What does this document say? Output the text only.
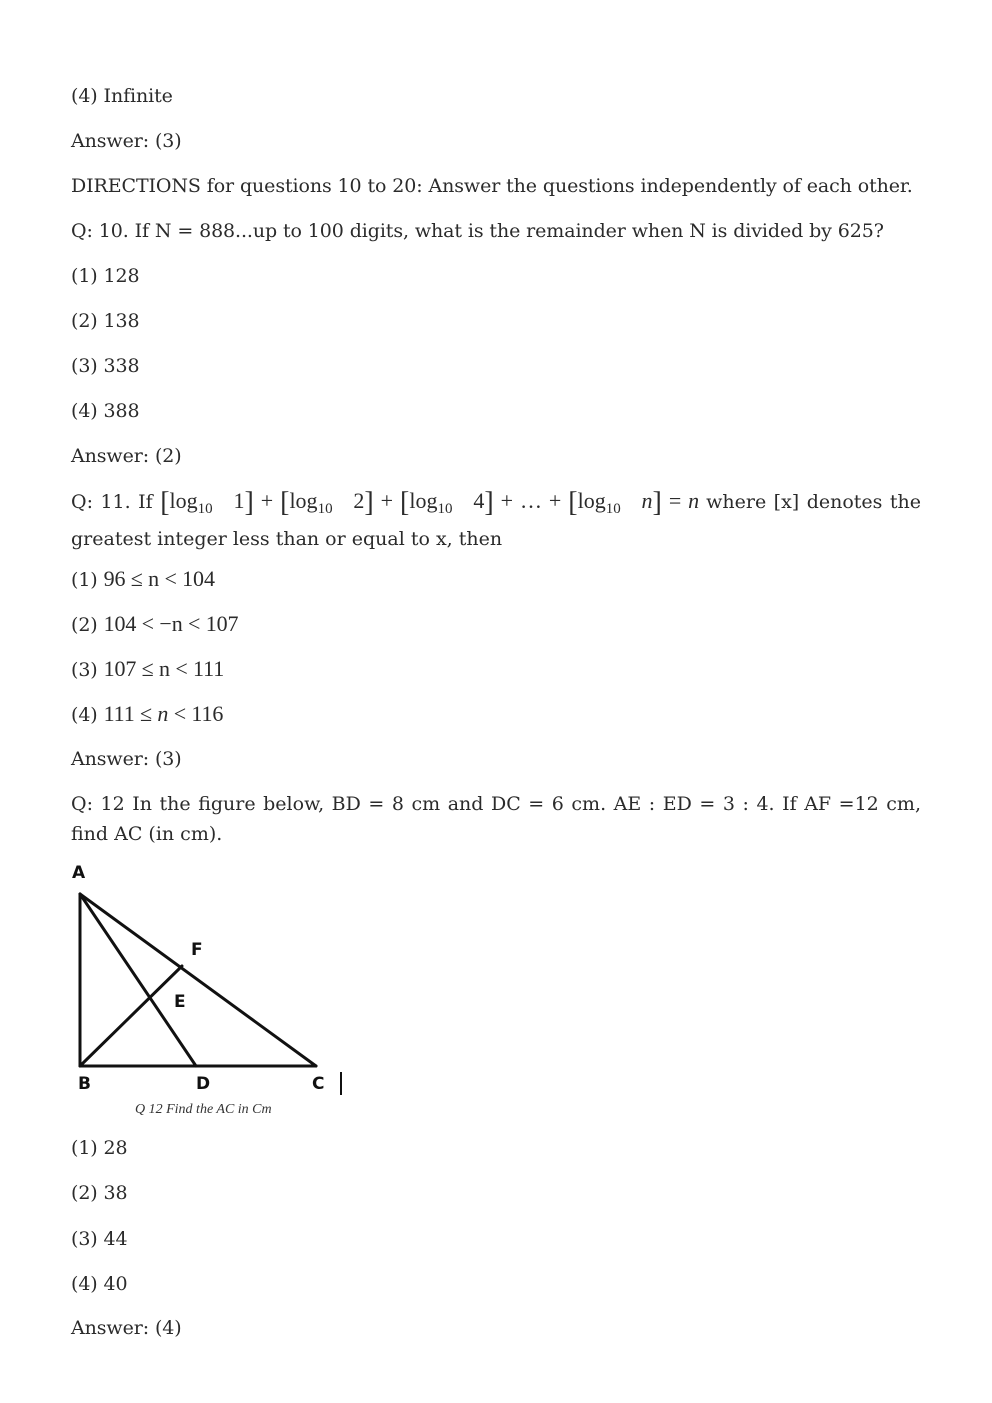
(4) Infinite
Answer: (3)
DIRECTIONS for questions 10 to 20: Answer the questions independently of each other.
Q: 10. If N = 888...up to 100 digits, what is the remainder when N is divided by 625?
(1) 128
(2) 138
(3) 338
(4) 388
Answer: (2)
Q: 11. If [$\log_{10}$ $1] + [\log_{10}$ $2] + [\log_{10}$ 4] + … + [$\log_{10}$ n] = n where [x] denotes the greatest integer less than or equal to x, then
(1) 96 ≤ n < 104
(2) 104 < −n < 107
(3) 107 ≤ n < 111
(4) 111 ≤ n < 116
Answer: (3)
Q: 12 In the figure below, BD = 8 cm and DC = 6 cm. AE : ED = 3 : 4. If AF =12 cm, find AC (in cm).
A
F
E
B	D	C
Q 12 Find the AC in Cm
(1) 28
(2) 38
(3) 44
(4) 40
Answer: (4)
